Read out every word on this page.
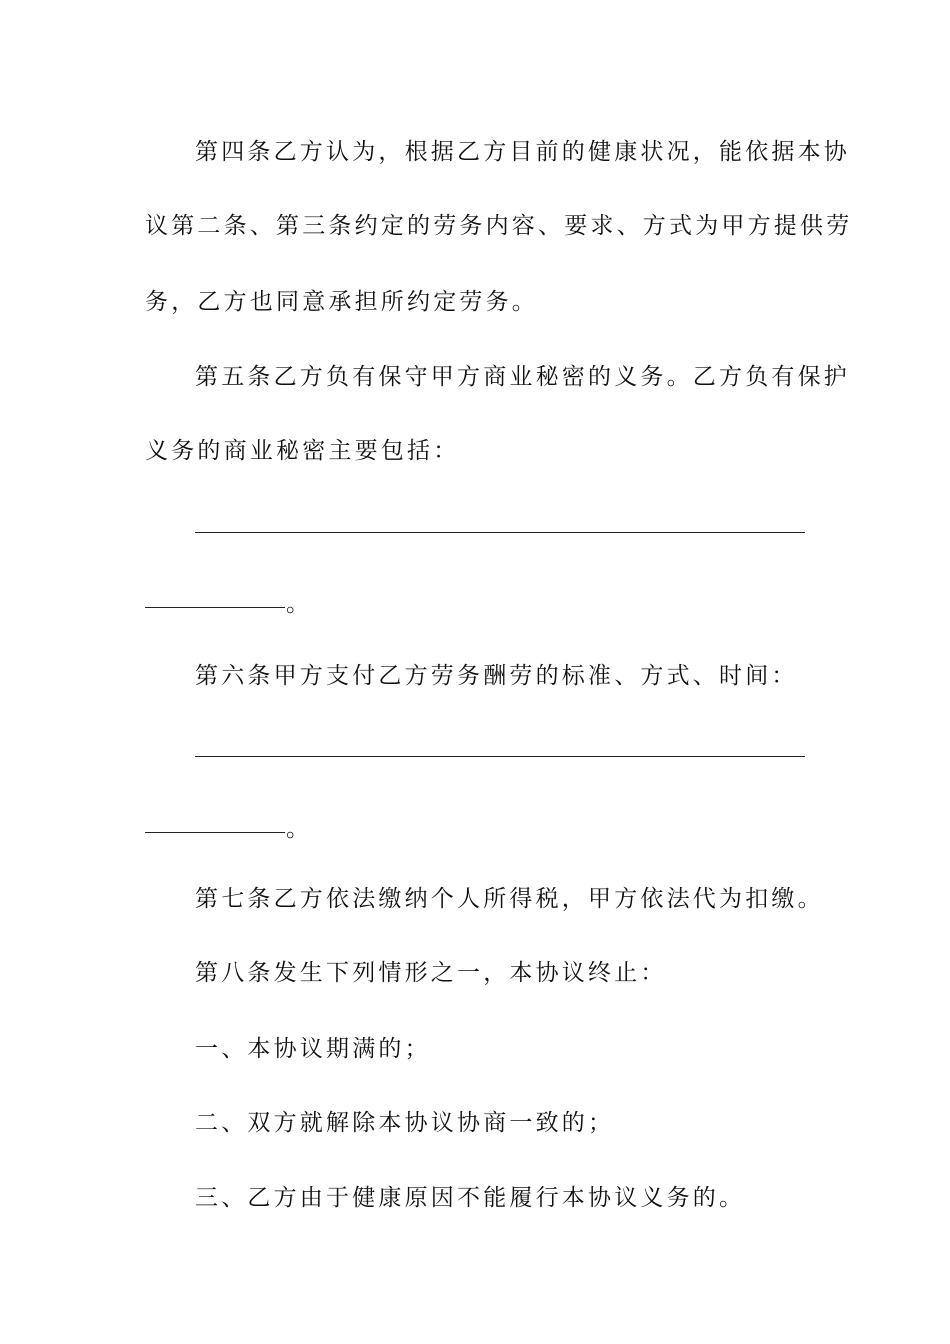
第四条乙方认为，根据乙方目前的健康状况，能依据本协
议第二条、第三条约定的劳务内容、要求、方式为甲方提供劳
务，乙方也同意承担所约定劳务。
第五条乙方负有保守甲方商业秘密的义务。乙方负有保护
义务的商业秘密主要包括：
。
第六条甲方支付乙方劳务酬劳的标准、方式、时间：
。
第七条乙方依法缴纳个人所得税，甲方依法代为扣缴。
第八条发生下列情形之一，本协议终止：
一、本协议期满的；
二、双方就解除本协议协商一致的；
三、乙方由于健康原因不能履行本协议义务的。
